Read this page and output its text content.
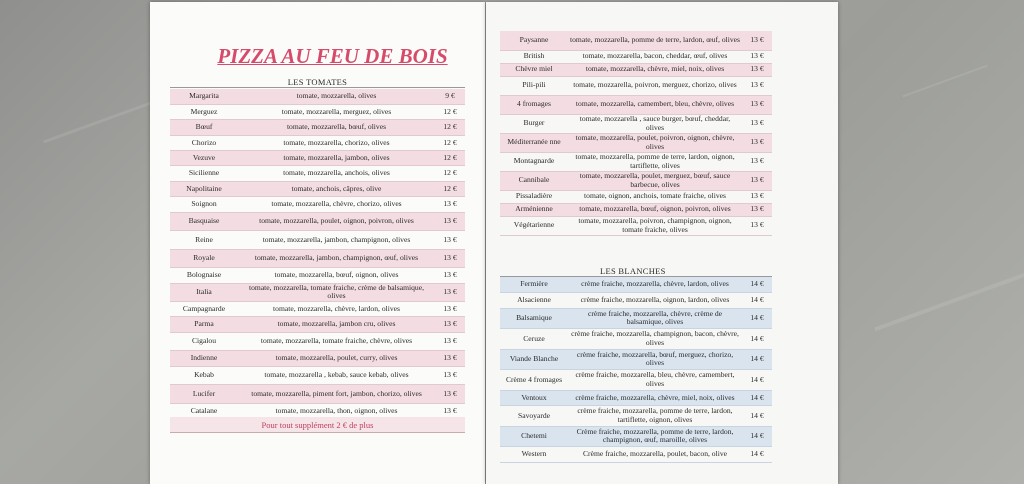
PIZZA AU FEU DE BOIS
LES TOMATES
Margarita	tomate, mozzarella, olives	9 €
Merguez	tomate, mozzarella, merguez, olives	12 €
Bœuf	tomate, mozzarella, bœuf, olives	12 €
Chorizo	tomate, mozzarella, chorizo, olives	12 €
Vezuve	tomate, mozzarella, jambon, olives	12 €
Sicilienne	tomate, mozzarella, anchois, olives	12 €
Napolitaine	tomate, anchois, câpres, olive	12 €
Soignon	tomate, mozzarella, chèvre, chorizo, olives	13 €
Basquaise	tomate, mozzarella, poulet, oignon, poivron, olives	13 €
Reine	tomate, mozzarella, jambon, champignon, olives	13 €
Royale	tomate, mozzarella, jambon, champignon, œuf, olives	13 €
Bolognaise	tomate, mozzarella, bœuf, oignon, olives	13 €
Italia	tomate, mozzarella, tomate fraiche, crème de balsamique, olives	13 €
Campagnarde	tomate, mozzarella, chèvre, lardon, olives	13 €
Parma	tomate, mozzarella, jambon cru, olives	13 €
Cigalou	tomate, mozzarella, tomate fraiche, chèvre, olives	13 €
Indienne	tomate, mozzarella, poulet, curry, olives	13 €
Kebab	tomate, mozzarella , kebab, sauce kebab, olives	13 €
Lucifer	tomate, mozzarella, piment fort, jambon, chorizo, olives	13 €
Catalane	tomate, mozzarella, thon, oignon, olives	13 €
Pour tout supplément 2 € de plus
Paysanne	tomate, mozzarella, pomme de terre, lardon, œuf, olives	13 €
British	tomate, mozzarella, bacon, cheddar, œuf, olives	13 €
Chèvre miel	tomate, mozzarella, chèvre, miel, noix, olives	13 €
Pili-pili	tomate, mozzarella, poivron, merguez, chorizo, olives	13 €
4 fromages	tomate, mozzarella, camembert, bleu, chèvre, olives	13 €
Burger	tomate, mozzarella , sauce burger, bœuf, cheddar, olives	13 €
Méditerranée nne	tomate, mozzarella, poulet, poivron, oignon, chèvre, olives	13 €
Montagnarde	tomate, mozzarella, pomme de terre, lardon, oignon, tartiflette, olives	13 €
Cannibale	tomate, mozzarella, poulet, merguez, bœuf, sauce barbecue, olives	13 €
Pissaladière	tomate, oignon, anchois, tomate fraiche, olives	13 €
Arménienne	tomate, mozzarella, bœuf, oignon, poivron, olives	13 €
Végétarienne	tomate, mozzarella, poivron, champignon, oignon, tomate fraiche, olives	13 €
LES BLANCHES
Fermière	crème fraiche, mozzarella, chèvre, lardon, olives	14 €
Alsacienne	crème fraiche, mozzarella, oignon, lardon, olives	14 €
Balsamique	crème fraiche, mozzarella, chèvre, crème de balsamique, olives	14 €
Ceruze	crème fraiche, mozzarella, champignon, bacon, chèvre, olives	14 €
Viande Blanche	crème fraiche, mozzarella, bœuf, merguez, chorizo, olives	14 €
Crème 4 fromages	crème fraiche, mozzarella, bleu, chèvre, camembert, olives	14 €
Ventoux	crème fraiche, mozzarella, chèvre, miel, noix, olives	14 €
Savoyarde	crème fraiche, mozzarella, pomme de terre, lardon, tartiflette, oignon, olives	14 €
Chetemi	Crème fraiche, mozzarella, pomme de terre, lardon, champignon, œuf, maroille, olives	14 €
Western	Crème fraiche, mozzarella, poulet, bacon, olive	14 €
